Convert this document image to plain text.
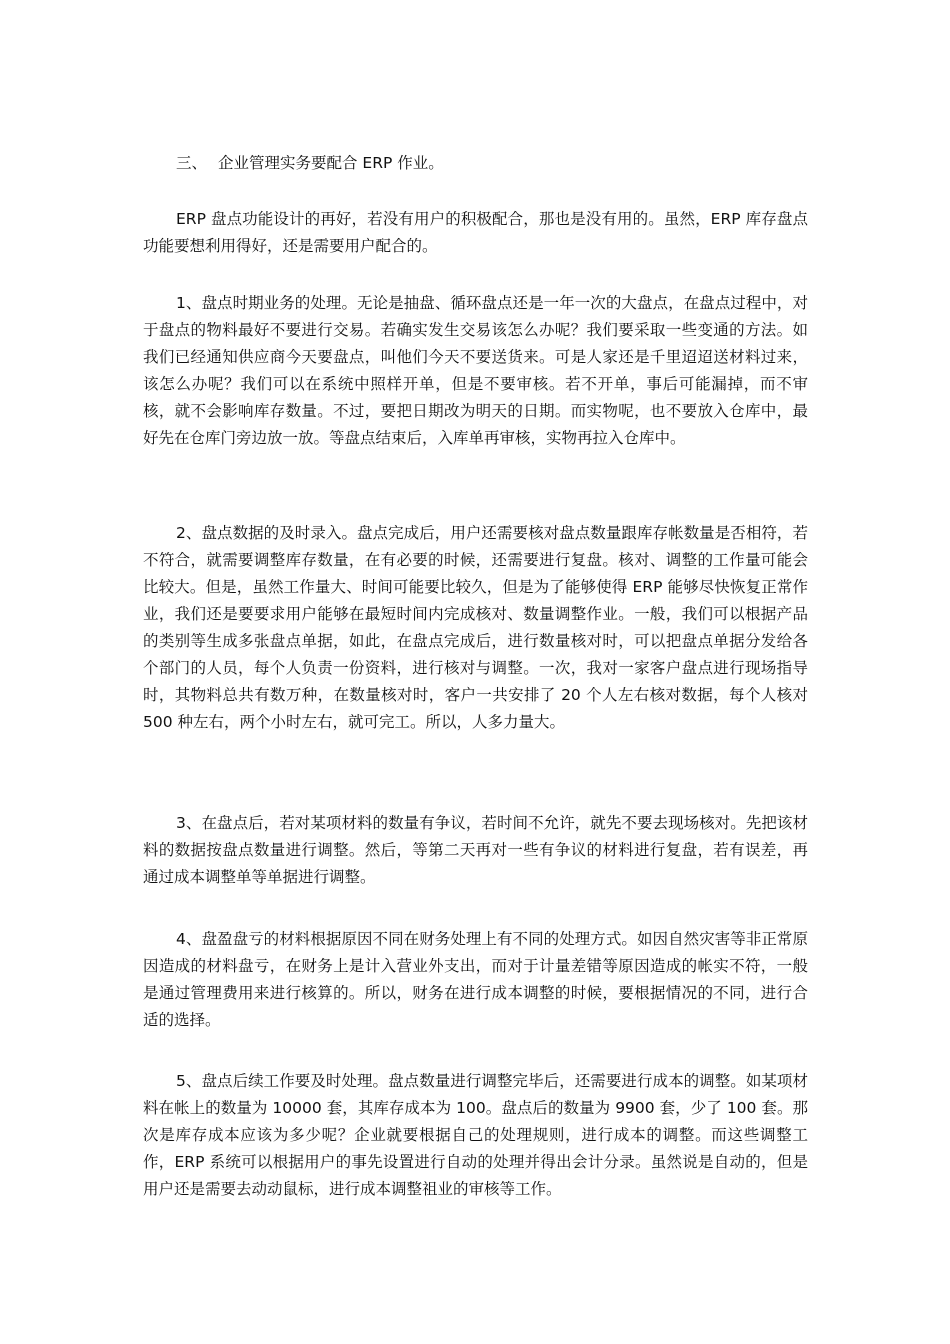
三、 企业管理实务要配合 ERP 作业。

ERP 盘点功能设计的再好，若没有用户的积极配合，那也是没有用的。虽然，ERP 库存盘点功能要想利用得好，还是需要用户配合的。

1、盘点时期业务的处理。无论是抽盘、循环盘点还是一年一次的大盘点，在盘点过程中，对于盘点的物料最好不要进行交易。若确实发生交易该怎么办呢？我们要采取一些变通的方法。如我们已经通知供应商今天要盘点，叫他们今天不要送货来。可是人家还是千里迢迢送材料过来，该怎么办呢？我们可以在系统中照样开单，但是不要审核。若不开单，事后可能漏掉，而不审核，就不会影响库存数量。不过，要把日期改为明天的日期。而实物呢，也不要放入仓库中，最好先在仓库门旁边放一放。等盘点结束后，入库单再审核，实物再拉入仓库中。

2、盘点数据的及时录入。盘点完成后，用户还需要核对盘点数量跟库存帐数量是否相符，若不符合，就需要调整库存数量，在有必要的时候，还需要进行复盘。核对、调整的工作量可能会比较大。但是，虽然工作量大、时间可能要比较久，但是为了能够使得 ERP 能够尽快恢复正常作业，我们还是要要求用户能够在最短时间内完成核对、数量调整作业。一般，我们可以根据产品的类别等生成多张盘点单据，如此，在盘点完成后，进行数量核对时，可以把盘点单据分发给各个部门的人员，每个人负责一份资料，进行核对与调整。一次，我对一家客户盘点进行现场指导时，其物料总共有数万种，在数量核对时，客户一共安排了 20 个人左右核对数据，每个人核对 500 种左右，两个小时左右，就可完工。所以，人多力量大。

3、在盘点后，若对某项材料的数量有争议，若时间不允许，就先不要去现场核对。先把该材料的数据按盘点数量进行调整。然后，等第二天再对一些有争议的材料进行复盘，若有误差，再通过成本调整单等单据进行调整。

4、盘盈盘亏的材料根据原因不同在财务处理上有不同的处理方式。如因自然灾害等非正常原因造成的材料盘亏，在财务上是计入营业外支出，而对于计量差错等原因造成的帐实不符，一般是通过管理费用来进行核算的。所以，财务在进行成本调整的时候，要根据情况的不同，进行合适的选择。

5、盘点后续工作要及时处理。盘点数量进行调整完毕后，还需要进行成本的调整。如某项材料在帐上的数量为 10000 套，其库存成本为 100。盘点后的数量为 9900 套，少了 100 套。那次是库存成本应该为多少呢？企业就要根据自己的处理规则，进行成本的调整。而这些调整工作，ERP 系统可以根据用户的事先设置进行自动的处理并得出会计分录。虽然说是自动的，但是用户还是需要去动动鼠标，进行成本调整祖业的审核等工作。
